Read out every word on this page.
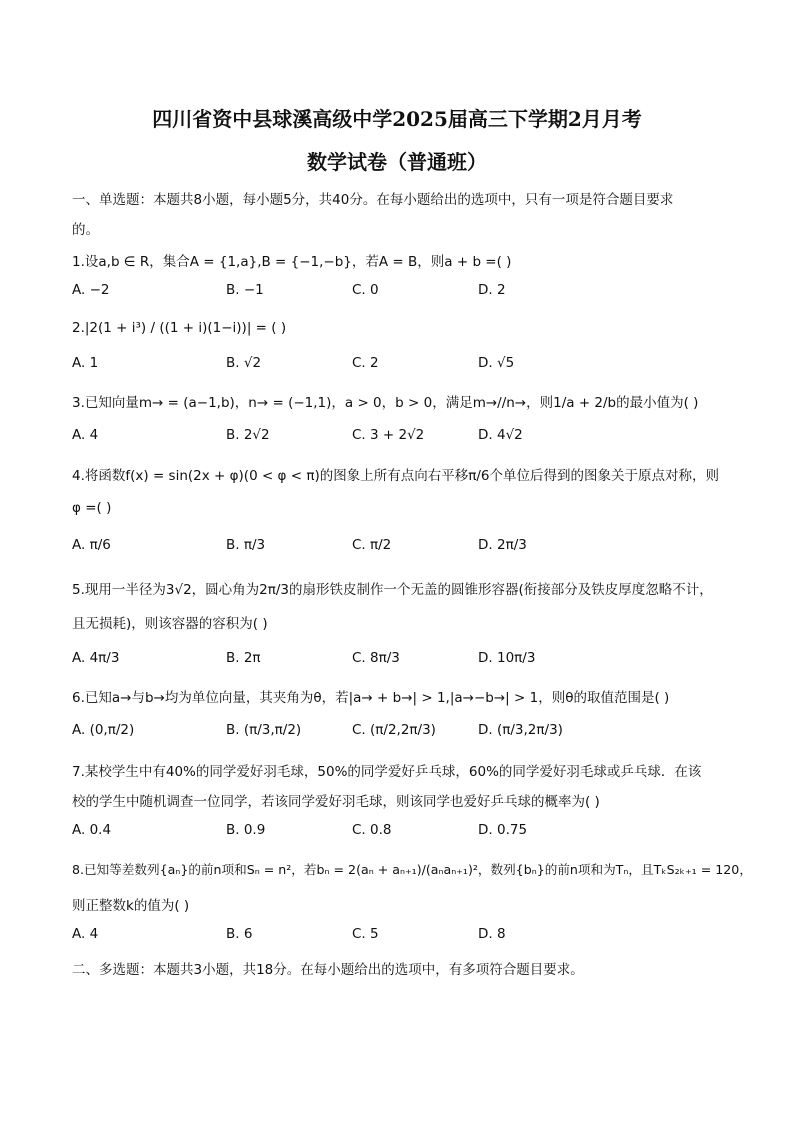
四川省资中县球溪高级中学2025届高三下学期2月月考
数学试卷（普通班）
一、单选题：本题共8小题，每小题5分，共40分。在每小题给出的选项中，只有一项是符合题目要求
的。
1.设a,b ∈ R，集合A = {1,a},B = {−1,−b}，若A = B，则a + b =( )
A. −2	B. −1	C. 0	D. 2
2.|2(1 + i³) / ((1 + i)(1−i))| = ( )
A. 1	B. √2	C. 2	D. √5
3.已知向量m→ = (a−1,b)，n→ = (−1,1)，a > 0，b > 0，满足m→//n→，则1/a + 2/b的最小值为( )
A. 4	B. 2√2	C. 3 + 2√2	D. 4√2
4.将函数f(x) = sin(2x + φ)(0 < φ < π)的图象上所有点向右平移π/6个单位后得到的图象关于原点对称，则
φ =( )
A. π/6	B. π/3	C. π/2	D. 2π/3
5.现用一半径为3√2，圆心角为2π/3的扇形铁皮制作一个无盖的圆锥形容器(衔接部分及铁皮厚度忽略不计，
且无损耗)，则该容器的容积为( )
A. 4π/3	B. 2π	C. 8π/3	D. 10π/3
6.已知a→与b→均为单位向量，其夹角为θ，若|a→ + b→| > 1,|a→−b→| > 1，则θ的取值范围是( )
A. (0,π/2)	B. (π/3,π/2)	C. (π/2,2π/3)	D. (π/3,2π/3)
7.某校学生中有40%的同学爱好羽毛球，50%的同学爱好乒乓球，60%的同学爱好羽毛球或乒乓球．在该
校的学生中随机调查一位同学，若该同学爱好羽毛球，则该同学也爱好乒乓球的概率为( )
A. 0.4	B. 0.9	C. 0.8	D. 0.75
8.已知等差数列{aₙ}的前n项和Sₙ = n²，若bₙ = 2(aₙ + aₙ₊₁)/(aₙaₙ₊₁)²，数列{bₙ}的前n项和为Tₙ，且TₖS₂ₖ₊₁ = 120，
则正整数k的值为( )
A. 4	B. 6	C. 5	D. 8
二、多选题：本题共3小题，共18分。在每小题给出的选项中，有多项符合题目要求。
